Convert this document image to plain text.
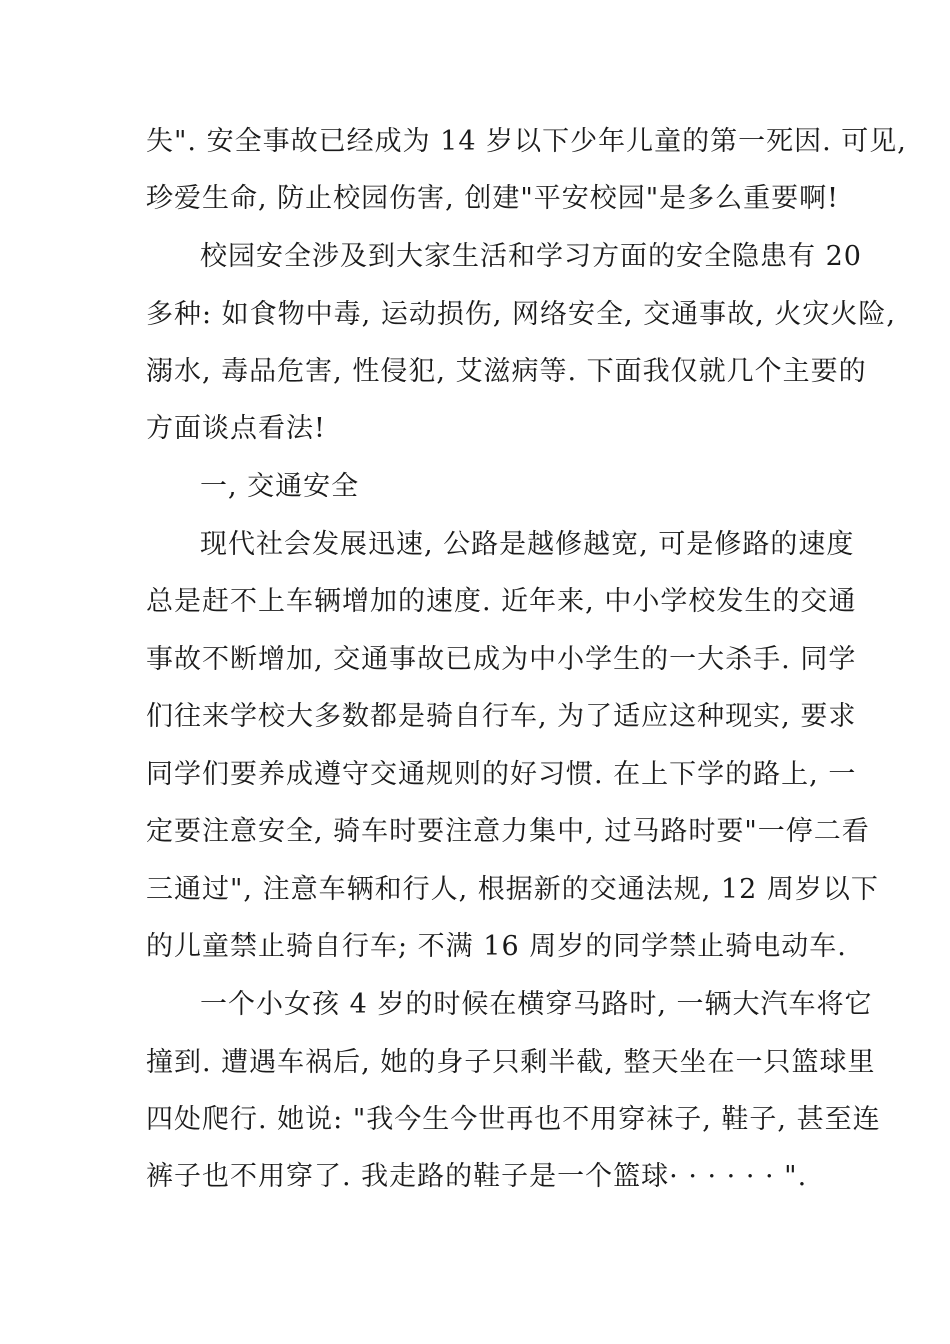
失". 安全事故已经成为 14 岁以下少年儿童的第一死因. 可见,

珍爱生命, 防止校园伤害, 创建"平安校园"是多么重要啊!

校园安全涉及到大家生活和学习方面的安全隐患有 20

多种: 如食物中毒, 运动损伤, 网络安全, 交通事故, 火灾火险,

溺水, 毒品危害, 性侵犯, 艾滋病等. 下面我仅就几个主要的

方面谈点看法!

一, 交通安全

现代社会发展迅速, 公路是越修越宽, 可是修路的速度

总是赶不上车辆增加的速度. 近年来, 中小学校发生的交通

事故不断增加, 交通事故已成为中小学生的一大杀手. 同学

们往来学校大多数都是骑自行车, 为了适应这种现实, 要求

同学们要养成遵守交通规则的好习惯. 在上下学的路上, 一

定要注意安全, 骑车时要注意力集中, 过马路时要"一停二看

三通过", 注意车辆和行人, 根据新的交通法规, 12 周岁以下

的儿童禁止骑自行车; 不满 16 周岁的同学禁止骑电动车.

一个小女孩 4 岁的时候在横穿马路时, 一辆大汽车将它

撞到. 遭遇车祸后, 她的身子只剩半截, 整天坐在一只篮球里

四处爬行. 她说: "我今生今世再也不用穿袜子, 鞋子, 甚至连

裤子也不用穿了. 我走路的鞋子是一个篮球· · · · · · ".
